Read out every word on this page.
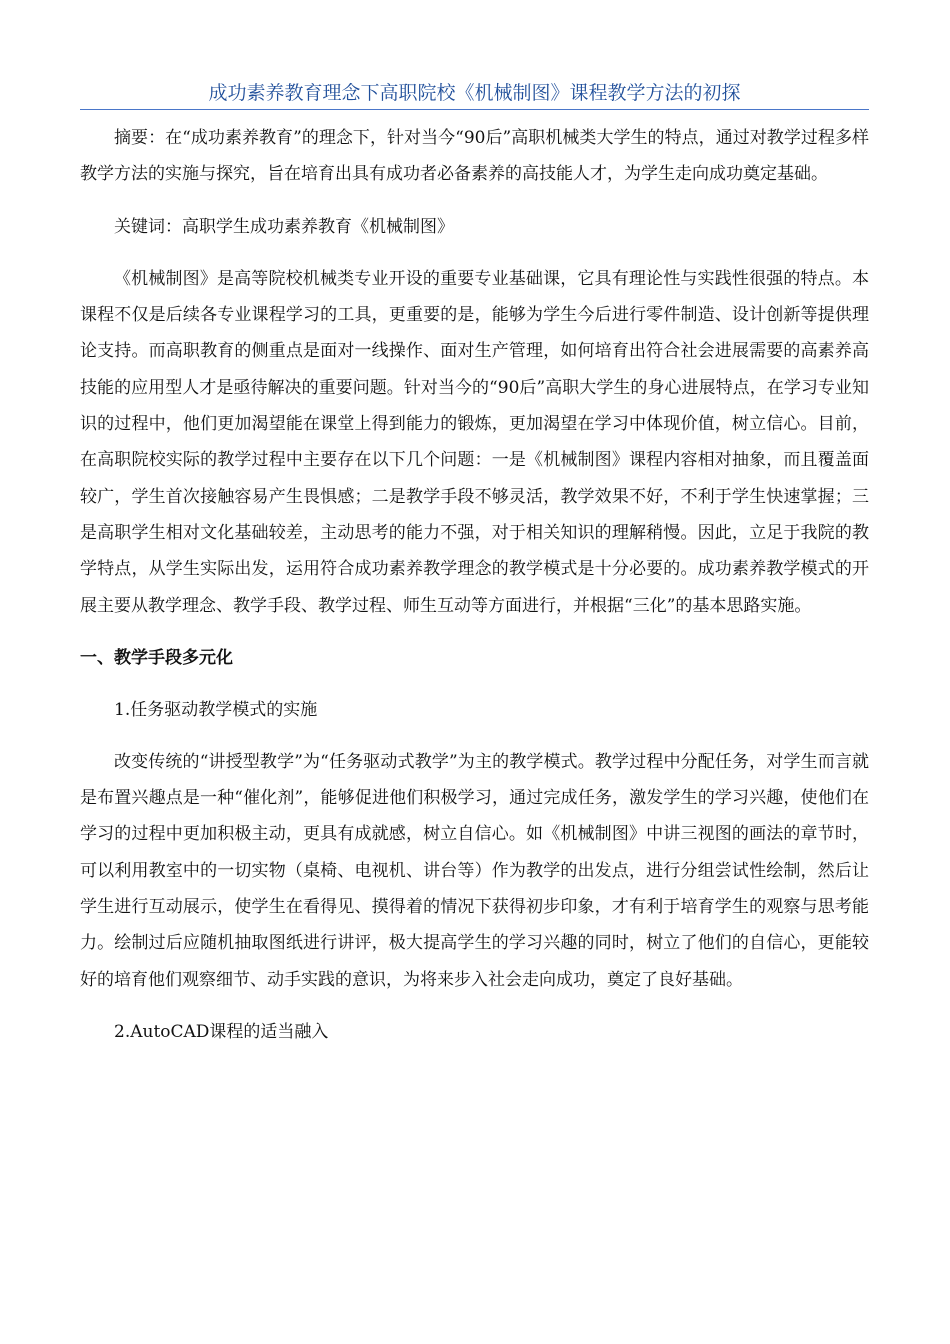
成功素养教育理念下高职院校《机械制图》课程教学方法的初探

摘要：在“成功素养教育”的理念下，针对当今“90后”高职机械类大学生的特点，通过对教学过程多样教学方法的实施与探究，旨在培育出具有成功者必备素养的高技能人才，为学生走向成功奠定基础。

关键词：高职学生成功素养教育《机械制图》

《机械制图》是高等院校机械类专业开设的重要专业基础课，它具有理论性与实践性很强的特点。本课程不仅是后续各专业课程学习的工具，更重要的是，能够为学生今后进行零件制造、设计创新等提供理论支持。而高职教育的侧重点是面对一线操作、面对生产管理，如何培育出符合社会进展需要的高素养高技能的应用型人才是亟待解决的重要问题。针对当今的“90后”高职大学生的身心进展特点，在学习专业知识的过程中，他们更加渴望能在课堂上得到能力的锻炼，更加渴望在学习中体现价值，树立信心。目前，在高职院校实际的教学过程中主要存在以下几个问题：一是《机械制图》课程内容相对抽象，而且覆盖面较广，学生首次接触容易产生畏惧感；二是教学手段不够灵活，教学效果不好，不利于学生快速掌握；三是高职学生相对文化基础较差，主动思考的能力不强，对于相关知识的理解稍慢。因此，立足于我院的教学特点，从学生实际出发，运用符合成功素养教学理念的教学模式是十分必要的。成功素养教学模式的开展主要从教学理念、教学手段、教学过程、师生互动等方面进行，并根据“三化”的基本思路实施。

一、教学手段多元化

1.任务驱动教学模式的实施

改变传统的“讲授型教学”为“任务驱动式教学”为主的教学模式。教学过程中分配任务，对学生而言就是布置兴趣点是一种“催化剂”，能够促进他们积极学习，通过完成任务，激发学生的学习兴趣，使他们在学习的过程中更加积极主动，更具有成就感，树立自信心。如《机械制图》中讲三视图的画法的章节时，可以利用教室中的一切实物（桌椅、电视机、讲台等）作为教学的出发点，进行分组尝试性绘制，然后让学生进行互动展示，使学生在看得见、摸得着的情况下获得初步印象，才有利于培育学生的观察与思考能力。绘制过后应随机抽取图纸进行讲评，极大提高学生的学习兴趣的同时，树立了他们的自信心，更能较好的培育他们观察细节、动手实践的意识，为将来步入社会走向成功，奠定了良好基础。

2.AutoCAD课程的适当融入
